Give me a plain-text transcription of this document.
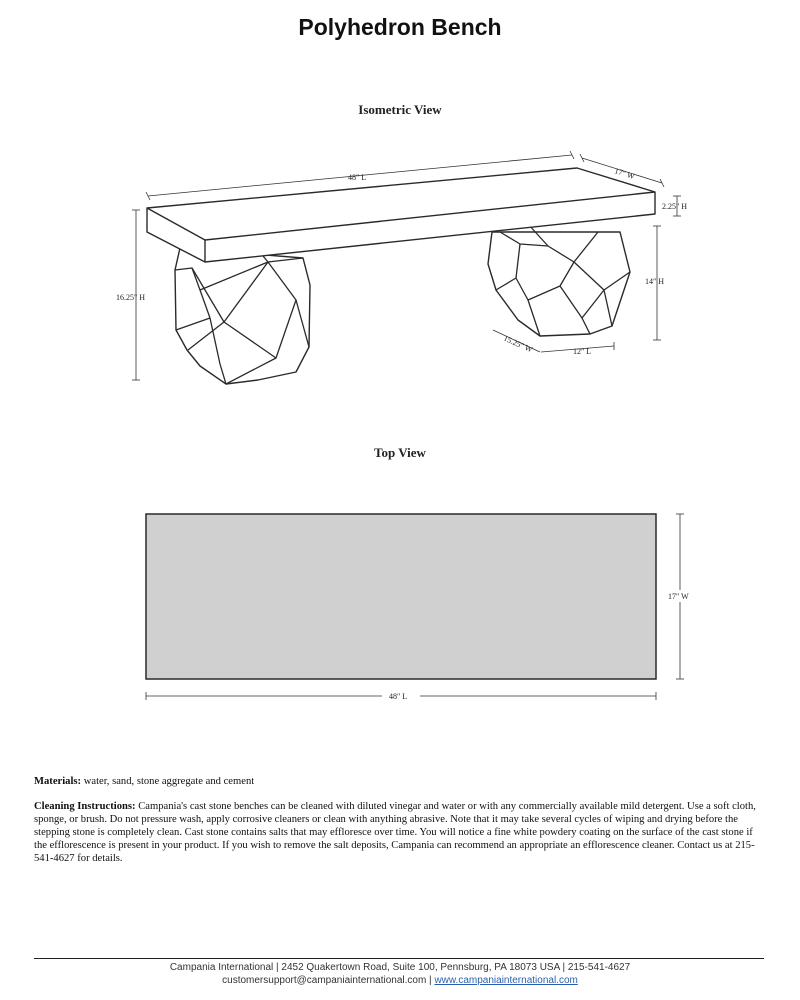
Polyhedron Bench
Isometric View
Top View
48" L	17" W
2.25" H
14" H
16.25" H
15.25" W	12" L
17" W
48" L
Materials: water, sand, stone aggregate and cement
Cleaning Instructions: Campania's cast stone benches can be cleaned with diluted vinegar and water or with any commercially available mild detergent. Use a soft cloth, sponge, or brush. Do not pressure wash, apply corrosive cleaners or clean with anything abrasive. Note that it may take several cycles of wiping and drying before the stepping stone is completely clean. Cast stone contains salts that may effloresce over time. You will notice a fine white powdery coating on the surface of the cast stone if the efflorescence is present in your product. If you wish to remove the salt deposits, Campania can recommend an appropriate an efflorescence cleaner. Contact us at 215-541-4627 for details.
Campania International | 2452 Quakertown Road, Suite 100, Pennsburg, PA 18073 USA | 215-541-4627
customersupport@campaniainternational.com | www.campaniainternational.com
